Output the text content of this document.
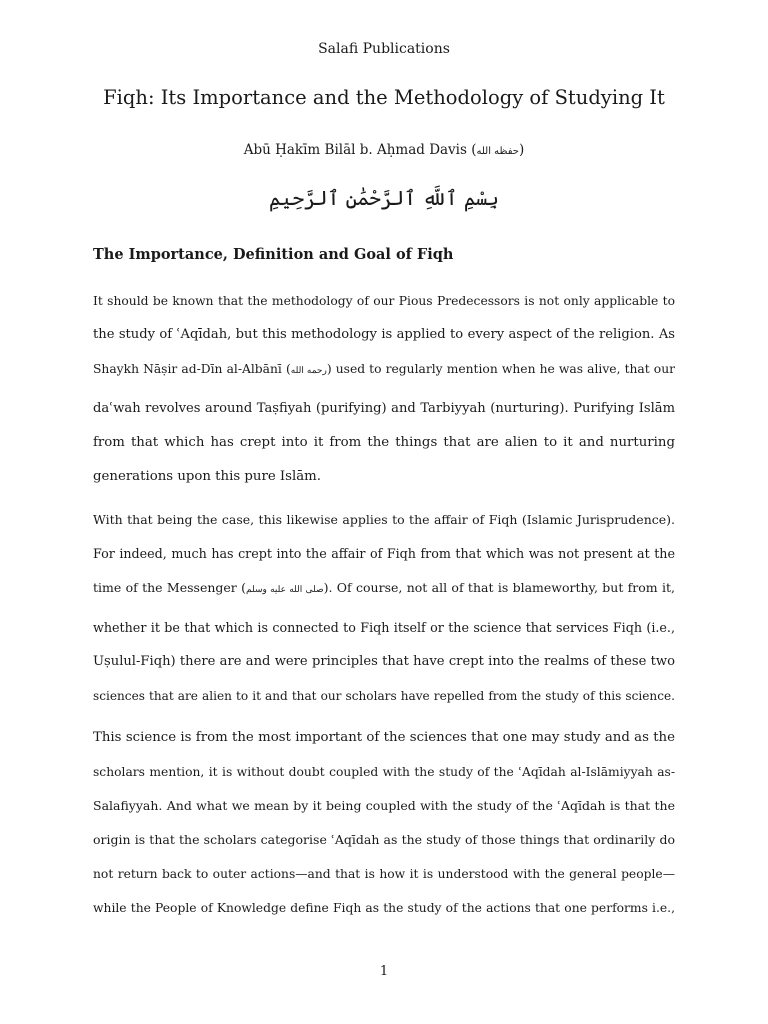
Salafi Publications
Fiqh: Its Importance and the Methodology of Studying It
Abū Ḥakīm Bilāl b. Aḥmad Davis (حفظه الله)
بِسْمِ ٱللَّهِ ٱلرَّحْمَٰنِ ٱلرَّحِيمِ
The Importance, Definition and Goal of Fiqh
It should be known that the methodology of our Pious Predecessors is not only applicable to
the study of ʿAqīdah, but this methodology is applied to every aspect of the religion. As
Shaykh Nāṣir ad-Dīn al-Albānī (رحمه الله) used to regularly mention when he was alive, that our
daʿwah revolves around Taṣfiyah (purifying) and Tarbiyyah (nurturing). Purifying Islām
from that which has crept into it from the things that are alien to it and nurturing
generations upon this pure Islām.
With that being the case, this likewise applies to the affair of Fiqh (Islamic Jurisprudence).
For indeed, much has crept into the affair of Fiqh from that which was not present at the
time of the Messenger (صلى الله عليه وسلم). Of course, not all of that is blameworthy, but from it,
whether it be that which is connected to Fiqh itself or the science that services Fiqh (i.e.,
Uṣulul-Fiqh) there are and were principles that have crept into the realms of these two
sciences that are alien to it and that our scholars have repelled from the study of this science.
This science is from the most important of the sciences that one may study and as the
scholars mention, it is without doubt coupled with the study of the ʿAqīdah al-Islāmiyyah as-
Salafiyyah. And what we mean by it being coupled with the study of the ʿAqīdah is that the
origin is that the scholars categorise ʿAqīdah as the study of those things that ordinarily do
not return back to outer actions—and that is how it is understood with the general people—
while the People of Knowledge define Fiqh as the study of the actions that one performs i.e.,
1
